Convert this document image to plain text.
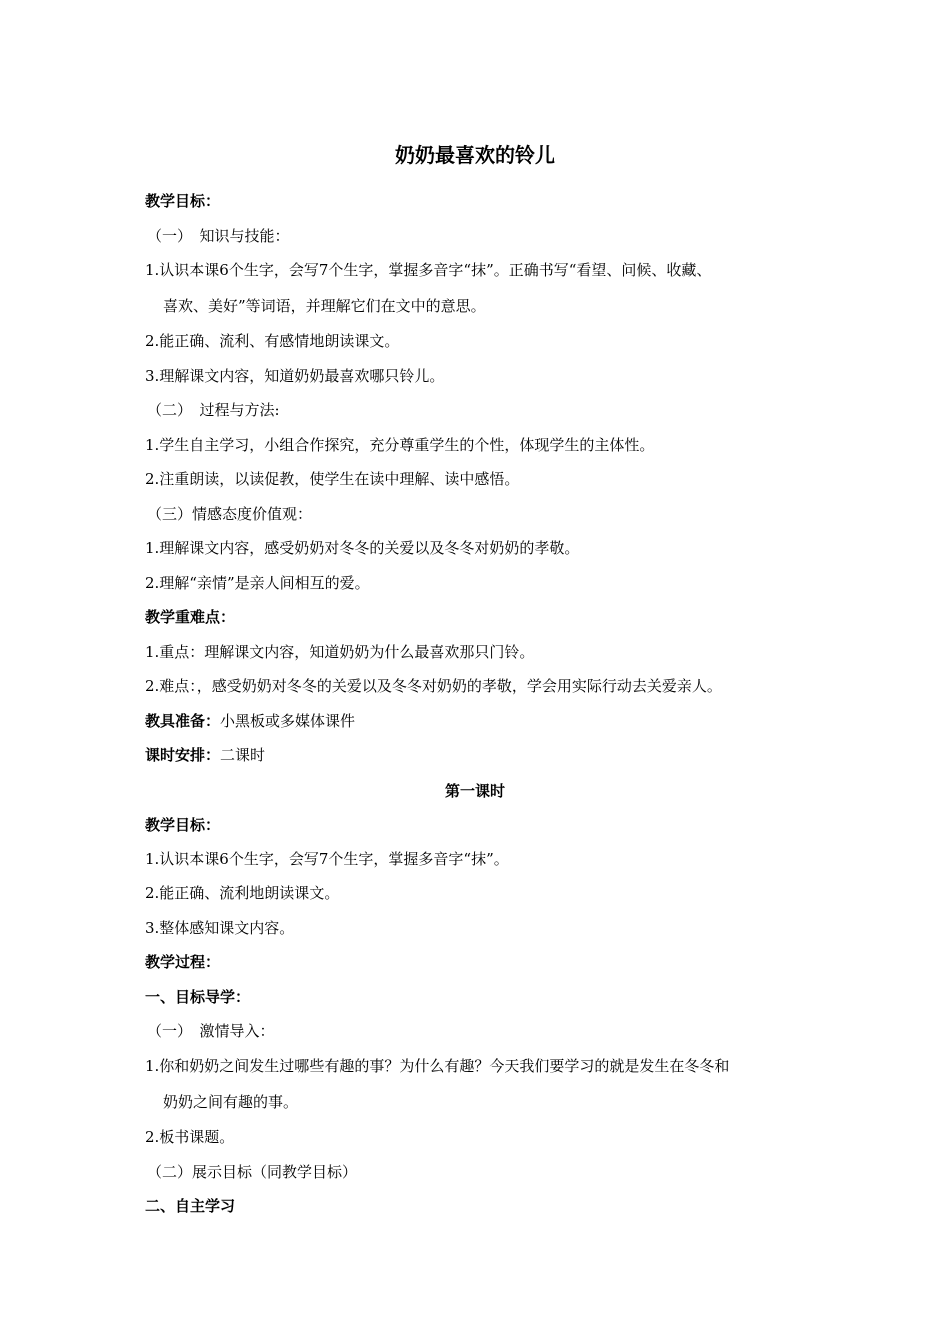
奶奶最喜欢的铃儿
教学目标：
（一）　知识与技能：
1.认识本课6个生字，会写7个生字，掌握多音字“抹”。正确书写“看望、问候、收藏、
喜欢、美好”等词语，并理解它们在文中的意思。
2.能正确、流利、有感情地朗读课文。
3.理解课文内容，知道奶奶最喜欢哪只铃儿。
（二）　过程与方法:
1.学生自主学习，小组合作探究，充分尊重学生的个性，体现学生的主体性。
2.注重朗读，以读促教，使学生在读中理解、读中感悟。
（三）情感态度价值观：
1.理解课文内容，感受奶奶对冬冬的关爱以及冬冬对奶奶的孝敬。
2.理解“亲情”是亲人间相互的爱。
教学重难点：
1.重点：理解课文内容，知道奶奶为什么最喜欢那只门铃。
2.难点：，感受奶奶对冬冬的关爱以及冬冬对奶奶的孝敬，学会用实际行动去关爱亲人。
教具准备：小黑板或多媒体课件
课时安排：二课时
第一课时
教学目标：
1.认识本课6个生字，会写7个生字，掌握多音字“抹”。
2.能正确、流利地朗读课文。
3.整体感知课文内容。
教学过程：
一、目标导学：
（一）　激情导入：
1.你和奶奶之间发生过哪些有趣的事？为什么有趣？今天我们要学习的就是发生在冬冬和
奶奶之间有趣的事。
2.板书课题。
（二）展示目标（同教学目标）
二、自主学习
